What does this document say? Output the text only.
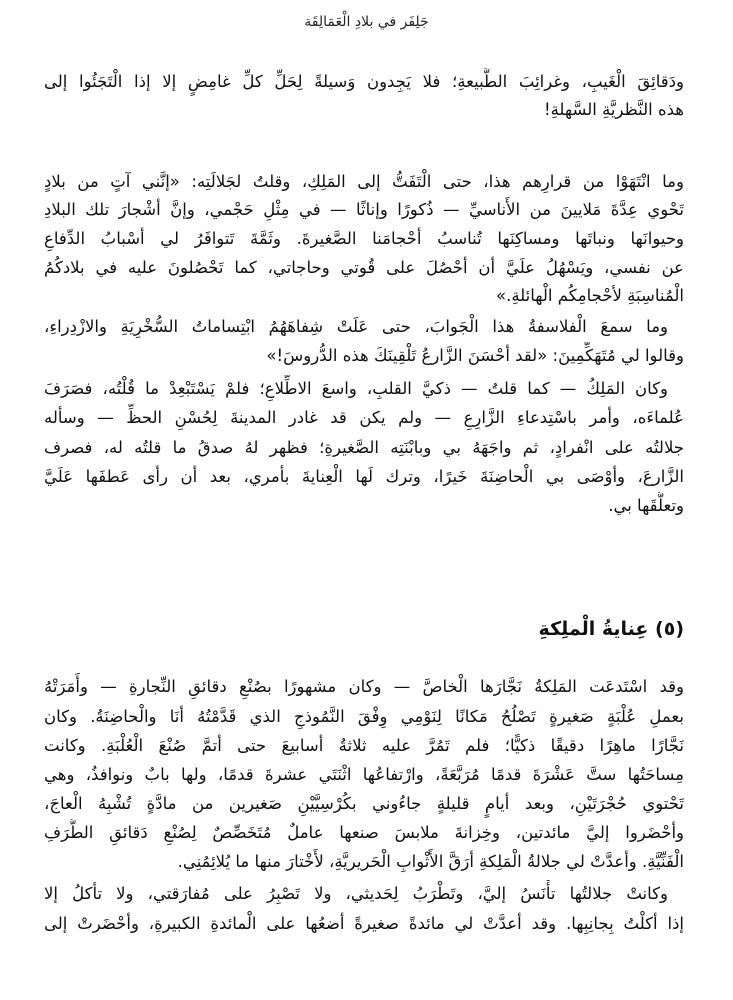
جَلِفَر في بلادِ الْعَمَالِقَة
ودَقائِقَ الْغَيبِ، وغرائِبَ الطَّبيعةِ؛ فلا يَجِدون وَسيلةً لِحَلِّ كلِّ غامِضٍ إلا إذا الْتَجَئُوا إلى
هذه النَّظريَّةِ السَّهلةِ!
وما انْتَهَوْا من قرارِهم هذا، حتى الْتَفَتُّ إلى المَلِكِ، وقلتُ لجَلالَتِه: «إنَّني آتٍ من بلادٍ
تَحْوي عِدَّةَ مَلايينَ من الأَناسيِّ — ذُكورًا وإناثًا — في مِثْلِ حَجْمي، وإنَّ أشْجارَ تلك البلادِ
وحيوانَها ونباتَها ومساكِنَها تُناسبُ أحْجامَنا الصَّغيرةَ. وثَمَّةَ تَتوافَرُ لي أسْبابُ الدِّفاعِ
عن نفسي، ويَسْهُلُ علَيَّ أن أحْصُلَ على قُوتي وحاجاتي، كما تَحْصُلونَ عليه في بلادكُمُ
الْمُناسِبَةِ لأحْجامِكُم الْهائلةِ.»
وما سمعَ الْفلاسفةُ هذا الْجَوابَ، حتى عَلَتْ شِفاهَهُمُ ابْتِساماتُ السُّخْرِيَةِ والازْدِراءِ،
وقالوا لي مُتَهَكِّمِينَ: «لقد أحْسَنَ الزَّارعُ تَلْقِينَكَ هذه الدُّروسَ!»
وكان المَلِكُ — كما قلتُ — ذكيَّ القلبِ، واسعَ الاطِّلاعِ؛ فلمْ يَسْتَبْعِدْ ما قُلْتُه، فصَرَفَ
عُلماءَه، وأمر باسْتِدعاءِ الزَّارِعِ — ولم يكن قد غادر المدينةَ لِحُسْنِ الحظِّ — وسأله
جلالتُه على انْفرادٍ، ثم واجَهَهُ بي وبابْنَتِه الصَّغيرةِ؛ فظهر لهُ صدقُ ما قلتُه له، فصرف
الزَّارعَ، وأوْصَى بي الْحاضِنَةَ خَيرًا، وترك لَها الْعِنايةَ بأمري، بعد أن رأى عَطفَها عَلَيَّ
وتعلُّقَها بي.
(٥) عِنايةُ الْملِكةِ
وقد اسْتَدعَت المَلِكةُ نَجَّارَها الْخاصَّ — وكان مشهورًا بصُنْعِ دقائقِ النِّجارةِ — وأَمَرَتْهُ
بعملِ عُلْبَةٍ صَغيرةٍ تَصْلُحُ مَكانًا لِنَوْمِي وِفْقَ النَّمُوذجِ الذي قَدَّمْتُهُ أنَا والْحاضِنَةُ. وكان
نَجَّارًا ماهِرًا دقيقًا ذكيًّا؛ فلم تَمُرَّ عليه ثلاثةُ أسابيعَ حتى أتمَّ صُنْعَ الْعُلْبَةِ. وكانت
مِساحَتُها ستَّ عَشْرَةَ قدمًا مُرَبَّعَةً، وارْتفاعُها اثْنَتَي عشرةَ قدمًا، ولها بابٌ ونوافذُ، وهي
تَحْتوي حُجْرَتَيْنِ، وبعد أيامٍ قليلةٍ جاءُوني بكُرْسِيَّيْنِ صَغيرين من مادَّةٍ تُشْبِهُ الْعاجَ،
وأحْضَروا إليَّ مائدتين، وخِزانةَ ملابسَ صنعها عاملٌ مُتَخَصِّصٌ لِصُنْعِ دَقائقِ الطُّرَفِ
الْفَنِّيَّةِ. وأعدَّتْ لي جلالةُ الْمَلِكةِ أرَقَّ الأَثْوابِ الْحَريريَّةِ، لأَخْتارَ منها ما يُلائِمُنِي.
وكانتْ جلالتُها تأْنَسُ إليَّ، وتَطْرَبُ لِحَديثي، ولا تَصْبِرُ على مُفارَقتي، ولا تأكلُ إلا
إذا أكلْتُ بِجانِبِها. وقد أعدَّتْ لي مائدةً صغيرةً أضعُها على الْمائدةِ الكبيرةِ، وأحْضَرتْ إلى
